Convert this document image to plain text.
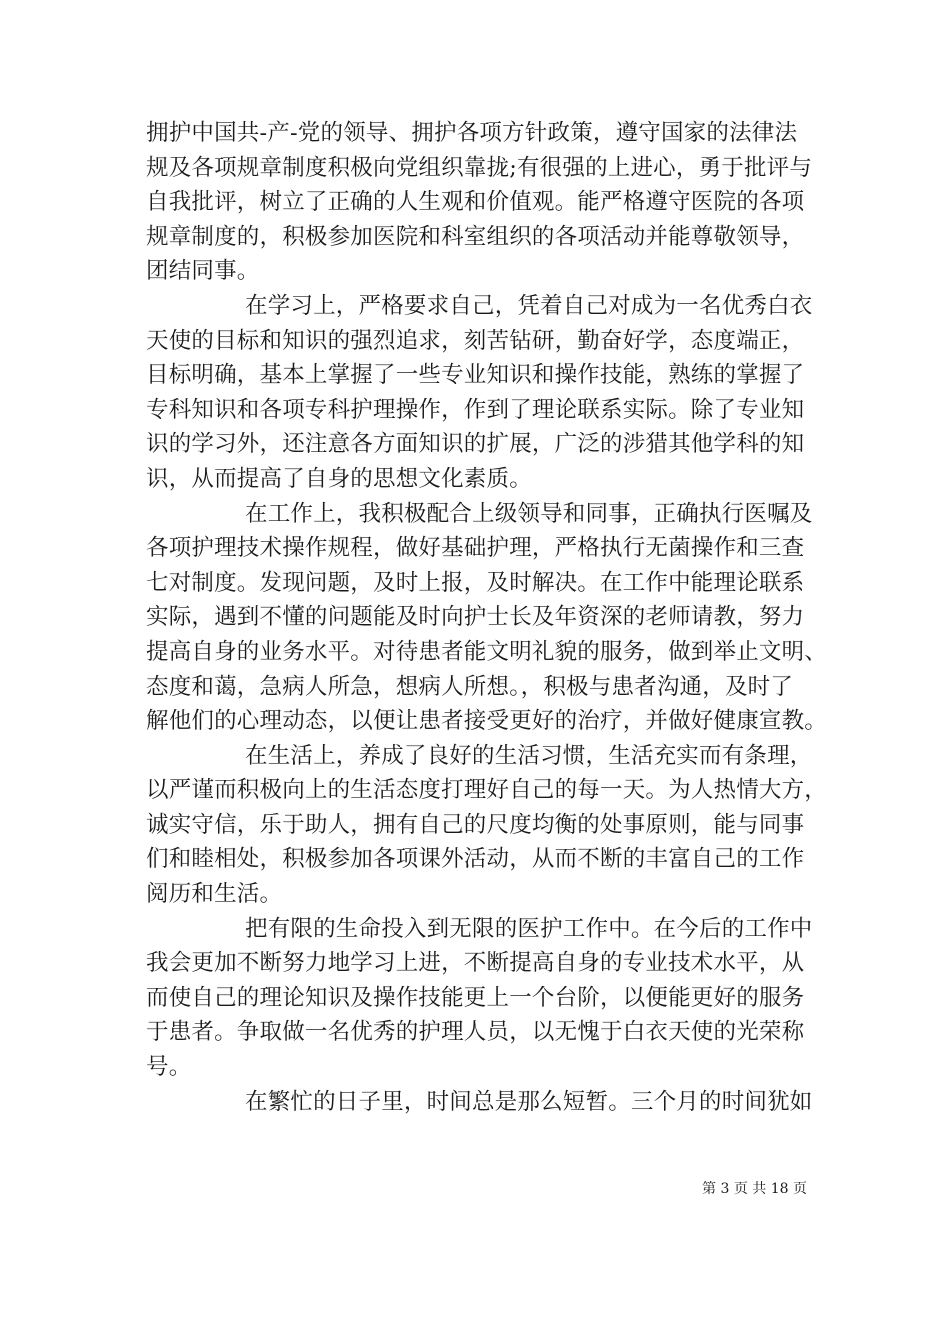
拥护中国共-产-党的领导、拥护各项方针政策，遵守国家的法律法
规及各项规章制度积极向党组织靠拢;有很强的上进心，勇于批评与
自我批评，树立了正确的人生观和价值观。能严格遵守医院的各项
规章制度的，积极参加医院和科室组织的各项活动并能尊敬领导，
团结同事。
在学习上，严格要求自己，凭着自己对成为一名优秀白衣
天使的目标和知识的强烈追求，刻苦钻研，勤奋好学，态度端正，
目标明确，基本上掌握了一些专业知识和操作技能，熟练的掌握了
专科知识和各项专科护理操作，作到了理论联系实际。除了专业知
识的学习外，还注意各方面知识的扩展，广泛的涉猎其他学科的知
识，从而提高了自身的思想文化素质。
在工作上，我积极配合上级领导和同事，正确执行医嘱及
各项护理技术操作规程，做好基础护理，严格执行无菌操作和三查
七对制度。发现问题，及时上报，及时解决。在工作中能理论联系
实际，遇到不懂的问题能及时向护士长及年资深的老师请教，努力
提高自身的业务水平。对待患者能文明礼貌的服务，做到举止文明、
态度和蔼，急病人所急，想病人所想。，积极与患者沟通，及时了
解他们的心理动态，以便让患者接受更好的治疗，并做好健康宣教。
在生活上，养成了良好的生活习惯，生活充实而有条理，
以严谨而积极向上的生活态度打理好自己的每一天。为人热情大方，
诚实守信，乐于助人，拥有自己的尺度均衡的处事原则，能与同事
们和睦相处，积极参加各项课外活动，从而不断的丰富自己的工作
阅历和生活。
把有限的生命投入到无限的医护工作中。在今后的工作中
我会更加不断努力地学习上进，不断提高自身的专业技术水平，从
而使自己的理论知识及操作技能更上一个台阶，以便能更好的服务
于患者。争取做一名优秀的护理人员，以无愧于白衣天使的光荣称
号。
在繁忙的日子里，时间总是那么短暂。三个月的时间犹如
第 3 页 共 18 页
